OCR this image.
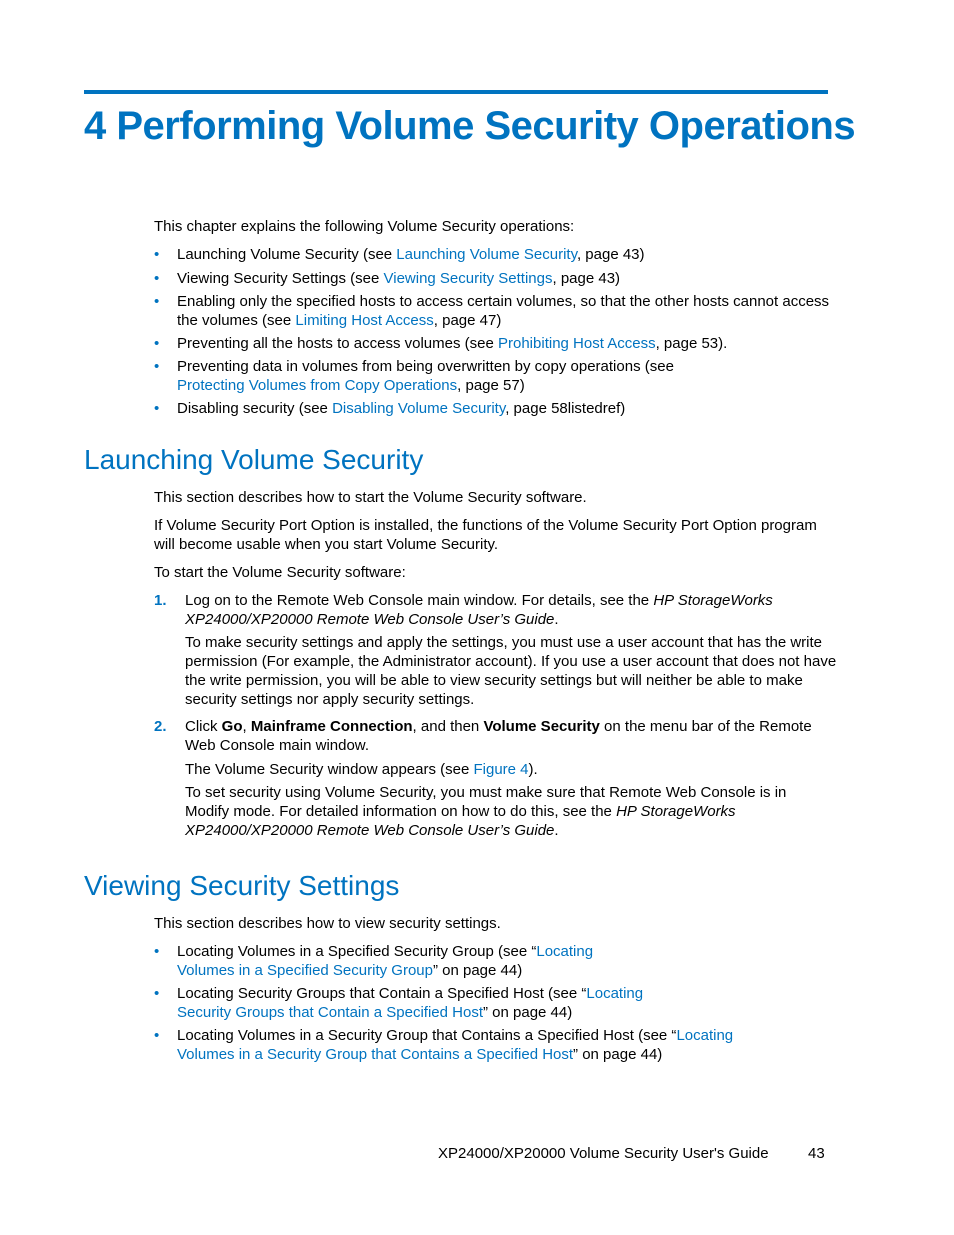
4 Performing Volume Security Operations

This chapter explains the following Volume Security operations:

• Launching Volume Security (see Launching Volume Security, page 43)

• Viewing Security Settings (see Viewing Security Settings, page 43)

• Enabling only the specified hosts to access certain volumes, so that the other hosts cannot access the volumes (see Limiting Host Access, page 47)

• Preventing all the hosts to access volumes (see Prohibiting Host Access, page 53).

• Preventing data in volumes from being overwritten by copy operations (see Protecting Volumes from Copy Operations, page 57)

• Disabling security (see Disabling Volume Security, page 58listedref)

Launching Volume Security

This section describes how to start the Volume Security software.

If Volume Security Port Option is installed, the functions of the Volume Security Port Option program will become usable when you start Volume Security.

To start the Volume Security software:

1. Log on to the Remote Web Console main window. For details, see the HP StorageWorks XP24000/XP20000 Remote Web Console User’s Guide.

To make security settings and apply the settings, you must use a user account that has the write permission (For example, the Administrator account). If you use a user account that does not have the write permission, you will be able to view security settings but will neither be able to make security settings nor apply security settings.

2. Click Go, Mainframe Connection, and then Volume Security on the menu bar of the Remote Web Console main window.

The Volume Security window appears (see Figure 4).

To set security using Volume Security, you must make sure that Remote Web Console is in Modify mode. For detailed information on how to do this, see the HP StorageWorks XP24000/XP20000 Remote Web Console User’s Guide.

Viewing Security Settings

This section describes how to view security settings.

• Locating Volumes in a Specified Security Group (see “Locating Volumes in a Specified Security Group” on page 44)

• Locating Security Groups that Contain a Specified Host (see “Locating Security Groups that Contain a Specified Host” on page 44)

• Locating Volumes in a Security Group that Contains a Specified Host (see “Locating Volumes in a Security Group that Contains a Specified Host” on page 44)

XP24000/XP20000 Volume Security User's Guide	43
